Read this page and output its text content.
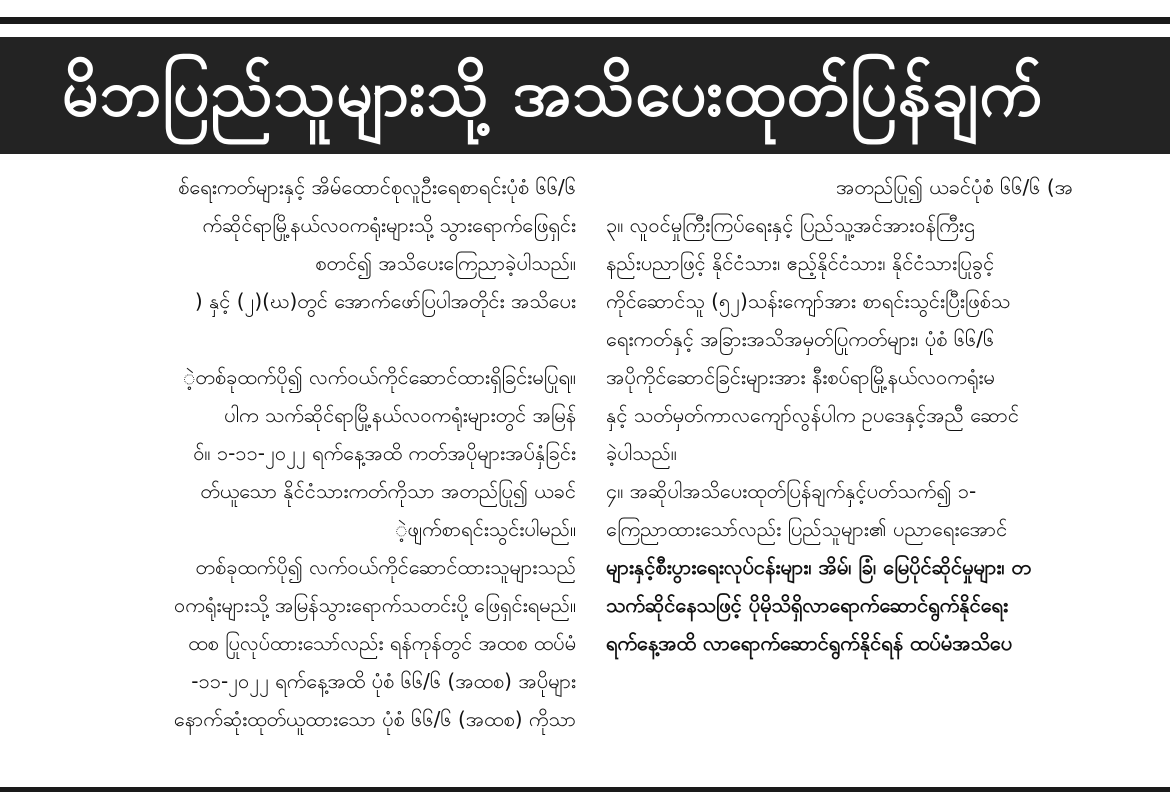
မိဘပြည်သူများသို့ အသိပေးထုတ်ပြန်ချက်
စ်ရေးကတ်များနှင့် အိမ်ထောင်စုလူဦးရေစာရင်းပုံစံ ၆၆/၆
က်ဆိုင်ရာမြို့နယ်လဝကရုံးများသို့ သွားရောက်ဖြေရှင်း
စတင်၍ အသိပေးကြေညာခဲ့ပါသည်။
) နှင့် (၂)(ဃ)တွင် အောက်ဖော်ပြပါအတိုင်း အသိပေး
ဲ့တစ်ခုထက်ပို၍ လက်ဝယ်ကိုင်ဆောင်ထားရှိခြင်းမပြုရ။
ပါက သက်ဆိုင်ရာမြို့နယ်လဝကရုံးများတွင် အမြန်
ဝ်။ ၁-၁၁-၂၀၂၂ ရက်နေ့အထိ ကတ်အပိုများအပ်နှံခြင်း
တ်ယူသော နိုင်ငံသားကတ်ကိုသာ အတည်ပြု၍ ယခင်
ဲ့ဖျက်စာရင်းသွင်းပါမည်။
တစ်ခုထက်ပို၍ လက်ဝယ်ကိုင်ဆောင်ထားသူများသည်
ဝကရုံးများသို့ အမြန်သွားရောက်သတင်းပို့ ဖြေရှင်းရမည်။
ထစ ပြုလုပ်ထားသော်လည်း ရန်ကုန်တွင် အထစ ထပ်မံ
-၁၁-၂၀၂၂ ရက်နေ့အထိ ပုံစံ ၆၆/၆ (အထစ) အပိုများ
နောက်ဆုံးထုတ်ယူထားသော ပုံစံ ၆၆/၆ (အထစ) ကိုသာ
အတည်ပြု၍ ယခင်ပုံစံ ၆၆/၆ (အ
၃။ လူဝင်မှုကြီးကြပ်ရေးနှင့် ပြည်သူ့အင်အားဝန်ကြီးဌ
နည်းပညာဖြင့် နိုင်ငံသား၊ ဧည့်နိုင်ငံသား၊ နိုင်ငံသားပြုခွင့်
ကိုင်ဆောင်သူ (၅၂)သန်းကျော်အား စာရင်းသွင်းပြီးဖြစ်သ
ရေးကတ်နှင့် အခြားအသိအမှတ်ပြုကတ်များ၊ ပုံစံ ၆၆/၆
အပိုကိုင်ဆောင်ခြင်းများအား နီးစပ်ရာမြို့နယ်လဝကရုံးမ
နှင့် သတ်မှတ်ကာလကျော်လွန်ပါက ဥပဒေနှင့်အညီ ဆောင်
ခဲ့ပါသည်။
၄။ အဆိုပါအသိပေးထုတ်ပြန်ချက်နှင့်ပတ်သက်၍ ၁-
ကြေညာထားသော်လည်း ပြည်သူများ၏ ပညာရေးအောင်
များနှင့်စီးပွားရေးလုပ်ငန်းများ၊ အိမ်၊ ခြံ၊ မြေပိုင်ဆိုင်မှုများ၊ တ
သက်ဆိုင်နေသဖြင့် ပိုမိုသိရှိလာရောက်ဆောင်ရွက်နိုင်ရေး
ရက်နေ့အထိ လာရောက်ဆောင်ရွက်နိုင်ရန် ထပ်မံအသိပေ
